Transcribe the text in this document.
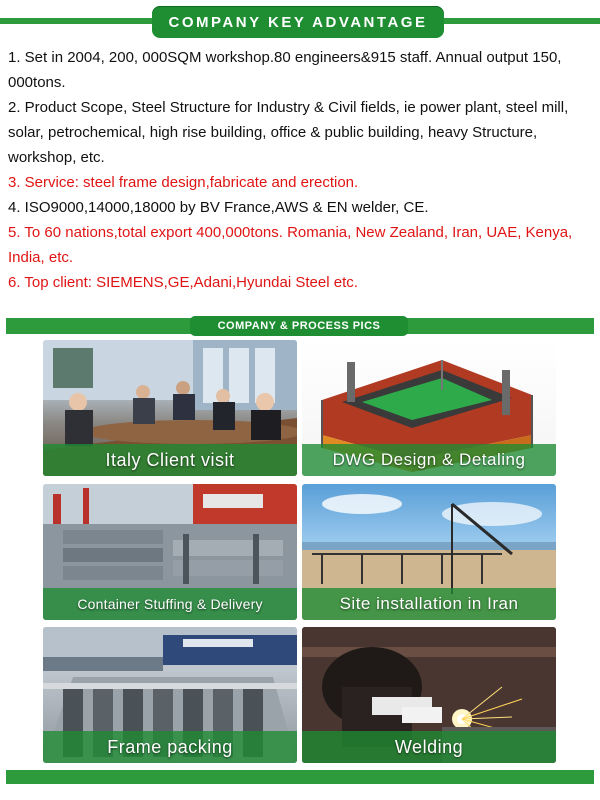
COMPANY KEY ADVANTAGE

1. Set in 2004, 200, 000SQM workshop.80 engineers&915 staff. Annual output 150, 000tons.

2. Product Scope, Steel Structure for Industry & Civil fields, ie power plant, steel mill, solar, petrochemical, high rise building, office & public building, heavy Structure, workshop, etc.

3. Service: steel frame design,fabricate and erection.

4. ISO9000,14000,18000 by BV France,AWS & EN welder, CE.

5. To 60 nations,total export 400,000tons. Romania, New Zealand, Iran, UAE, Kenya, India, etc.

6. Top client: SIEMENS,GE,Adani,Hyundai Steel etc.

COMPANY & PROCESS PICS
Italy Client visit	DWG Design & Detaling
Container Stuffing & Delivery	Site installation in Iran
Frame packing	Welding
